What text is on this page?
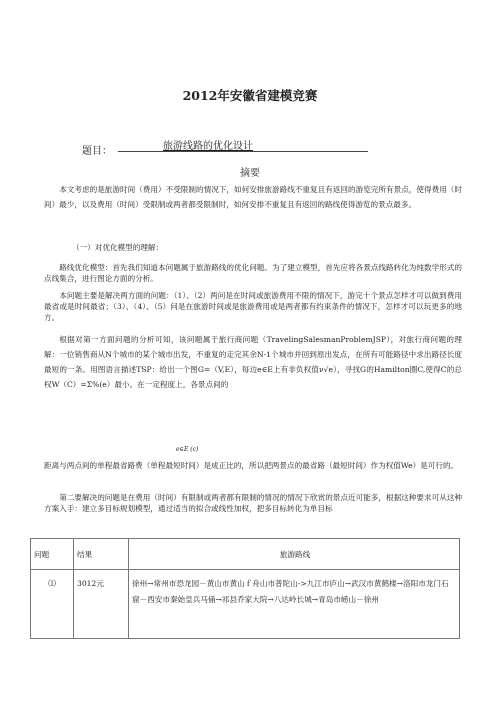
2012年安徽省建模竞赛
题目：	旅游线路的优化设计
摘要
本文考虑的是旅游时间（费用）不受限制的情况下，如何安排旅游路线不重复且有返回的游览完所有景点，使得费用（时间）最少，以及费用（时间）受限制或两者都受限制时，如何安排不重复且有返回的路线使得游览的景点最多。
（一）对优化模型的理解：
路线优化模型：首先我们知道本问题属于旅游路线的优化问题。为了建立模型，首先应将各景点线路转化为纯数学形式的点线集合，进行图论方面的分析。
本问题主要是解决两方面的问题：（1）、（2）两问是在时间或旅游费用不限的情况下，游完十个景点怎样才可以做到费用最省或是时间最省；（3）、（4）、（5）问是在旅游时间或是旅游费用或是两者都有约束条件的情况下，怎样才可以玩更多的地方。
根据对第一方面问题的分析可知，该问题属于旅行商问题（TravelingSalesmanProblemJSP），对旅行商问题的理解：一位销售商从N个城市的某个城市出发，不重复的走完其余N-1个城市并回到原出发点，在所有可能路径中求出路径长度最短的一条。用图语言描述TSP：给出一个图G=（V,E），每边e∈E上有非负权值ν√e），寻找G的Hamilton圈C,使得C的总权W（C）=Σ%(e）最小。在一定程度上，各景点间的
e∈E (c)
距离与两点间的单程最省路费（单程最短时间）是成正比的，所以把两景点的最省路（最短时间）作为权值We）是可行的。
第二要解决的问题是在费用（时间）有限制或两者都有限制的情况的情况下欣赏的景点近可能多，根据这种要求可从这种方案入手：建立多目标规划模型，通过适当的拟合或线性加权，把多目标转化为单目标
问题	结果	旅游路线
⑴	3012元	徐州→常州市恐龙园－黄山市黄山ｆ舟山市普陀山->九江市庐山→武汉市黄鹤楼→洛阳市龙门石窟－西安市秦始皇兵马俑→祁县乔家大院→八达岭长城→青岛市崂山－徐州
